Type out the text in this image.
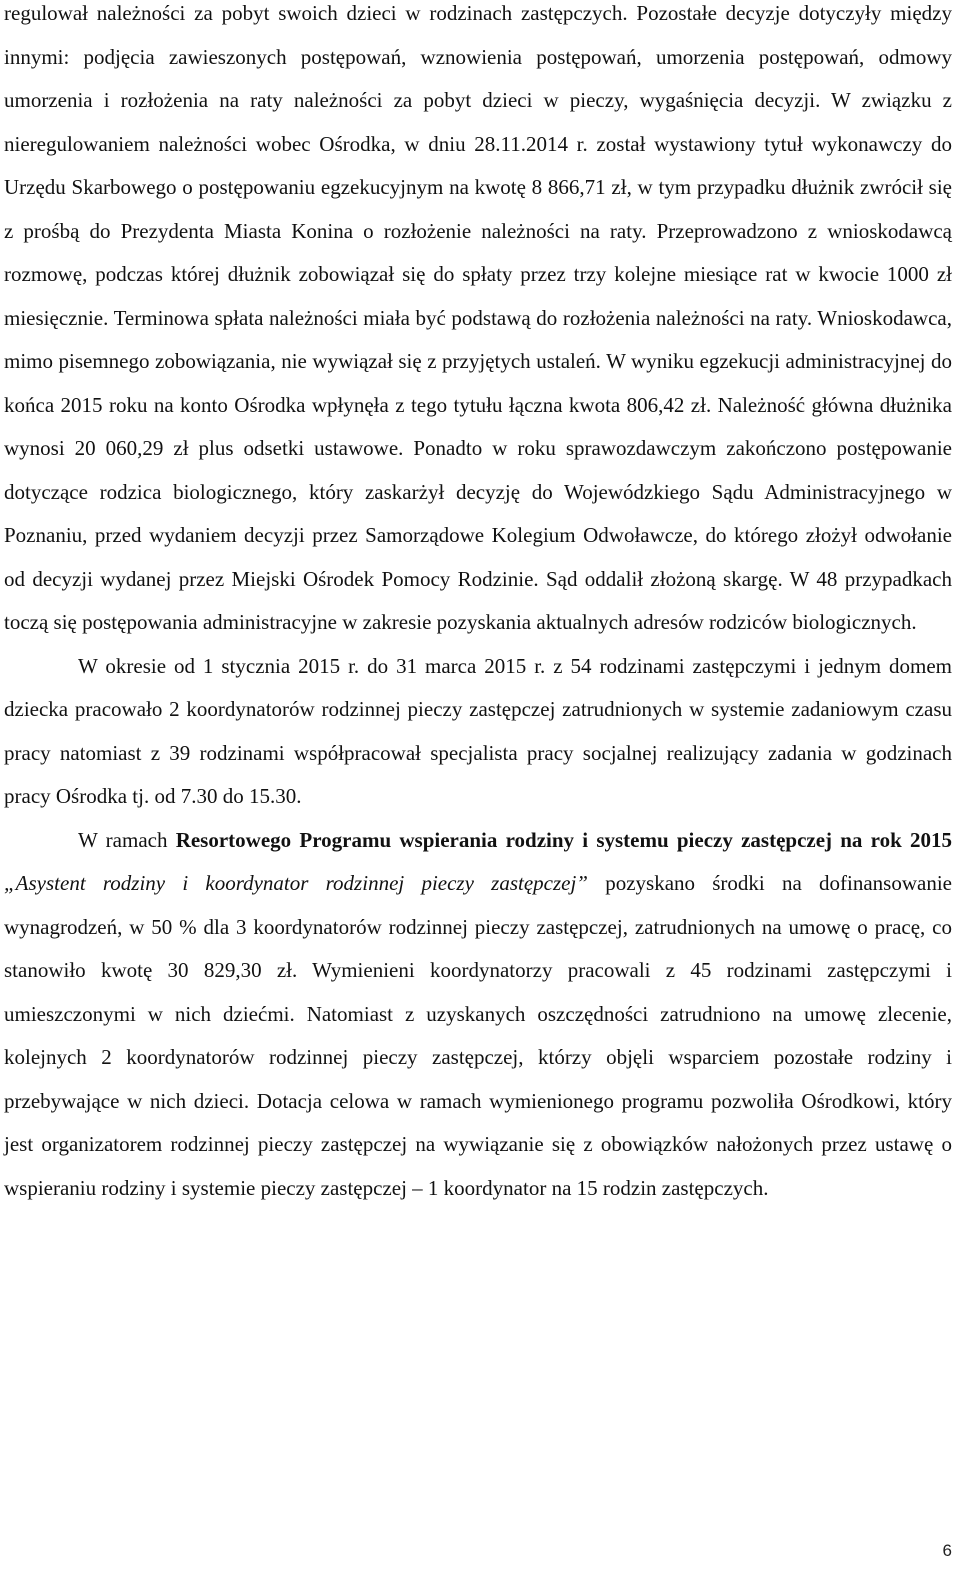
regulował należności za pobyt swoich dzieci w rodzinach zastępczych. Pozostałe decyzje dotyczyły między innymi: podjęcia zawieszonych postępowań, wznowienia postępowań, umorzenia postępowań, odmowy umorzenia i rozłożenia na raty należności za pobyt dzieci w pieczy, wygaśnięcia decyzji. W związku z nieregulowaniem należności wobec Ośrodka, w dniu 28.11.2014 r. został wystawiony tytuł wykonawczy do Urzędu Skarbowego o postępowaniu egzekucyjnym na kwotę 8 866,71 zł, w tym przypadku dłużnik zwrócił się z prośbą do Prezydenta Miasta Konina o rozłożenie należności na raty. Przeprowadzono z wnioskodawcą rozmowę, podczas której dłużnik zobowiązał się do spłaty przez trzy kolejne miesiące rat w kwocie 1000 zł miesięcznie. Terminowa spłata należności miała być podstawą do rozłożenia należności na raty. Wnioskodawca, mimo pisemnego zobowiązania, nie wywiązał się z przyjętych ustaleń. W wyniku egzekucji administracyjnej do końca 2015 roku na konto Ośrodka wpłynęła z tego tytułu łączna kwota 806,42 zł. Należność główna dłużnika wynosi 20 060,29 zł plus odsetki ustawowe. Ponadto w roku sprawozdawczym zakończono postępowanie dotyczące rodzica biologicznego, który zaskarżył decyzję do Wojewódzkiego Sądu Administracyjnego w Poznaniu, przed wydaniem decyzji przez Samorządowe Kolegium Odwoławcze, do którego złożył odwołanie od decyzji wydanej przez Miejski Ośrodek Pomocy Rodzinie. Sąd oddalił złożoną skargę. W 48 przypadkach toczą się postępowania administracyjne w zakresie pozyskania aktualnych adresów rodziców biologicznych.

W okresie od 1 stycznia 2015 r. do 31 marca 2015 r. z 54 rodzinami zastępczymi i jednym domem dziecka pracowało 2 koordynatorów rodzinnej pieczy zastępczej zatrudnionych w systemie zadaniowym czasu pracy natomiast z 39 rodzinami współpracował specjalista pracy socjalnej realizujący zadania w godzinach pracy Ośrodka tj. od 7.30 do 15.30.

W ramach Resortowego Programu wspierania rodziny i systemu pieczy zastępczej na rok 2015 „Asystent rodziny i koordynator rodzinnej pieczy zastępczej” pozyskano środki na dofinansowanie wynagrodzeń, w 50 % dla 3 koordynatorów rodzinnej pieczy zastępczej, zatrudnionych na umowę o pracę, co stanowiło kwotę 30 829,30 zł. Wymienieni koordynatorzy pracowali z 45 rodzinami zastępczymi i umieszczonymi w nich dziećmi. Natomiast z uzyskanych oszczędności zatrudniono na umowę zlecenie, kolejnych 2 koordynatorów rodzinnej pieczy zastępczej, którzy objęli wsparciem pozostałe rodziny i przebywające w nich dzieci. Dotacja celowa w ramach wymienionego programu pozwoliła Ośrodkowi, który jest organizatorem rodzinnej pieczy zastępczej na wywiązanie się z obowiązków nałożonych przez ustawę o wspieraniu rodziny i systemie pieczy zastępczej – 1 koordynator na 15 rodzin zastępczych.

6
